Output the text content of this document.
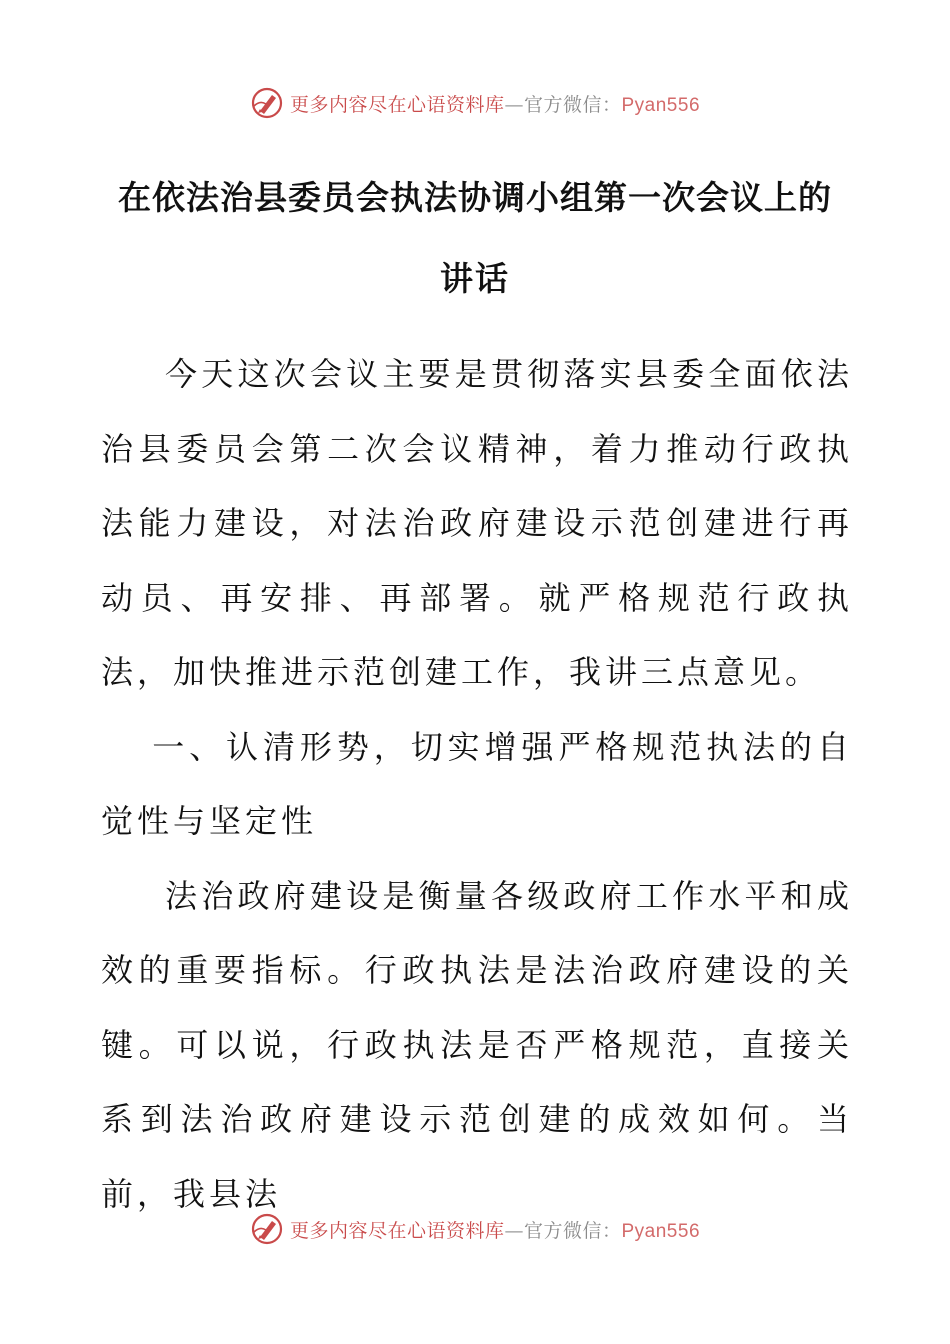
更多内容尽在心语资料库—官方微信：Pyan556
在依法治县委员会执法协调小组第一次会议上的
讲话

今天这次会议主要是贯彻落实县委全面依法治县委员会第二次会议精神，着力推动行政执法能力建设，对法治政府建设示范创建进行再动员、再安排、再部署。就严格规范行政执法，加快推进示范创建工作，我讲三点意见。

一、认清形势，切实增强严格规范执法的自觉性与坚定性

法治政府建设是衡量各级政府工作水平和成效的重要指标。行政执法是法治政府建设的关键。可以说，行政执法是否严格规范，直接关系到法治政府建设示范创建的成效如何。当前，我县法

更多内容尽在心语资料库—官方微信：Pyan556
